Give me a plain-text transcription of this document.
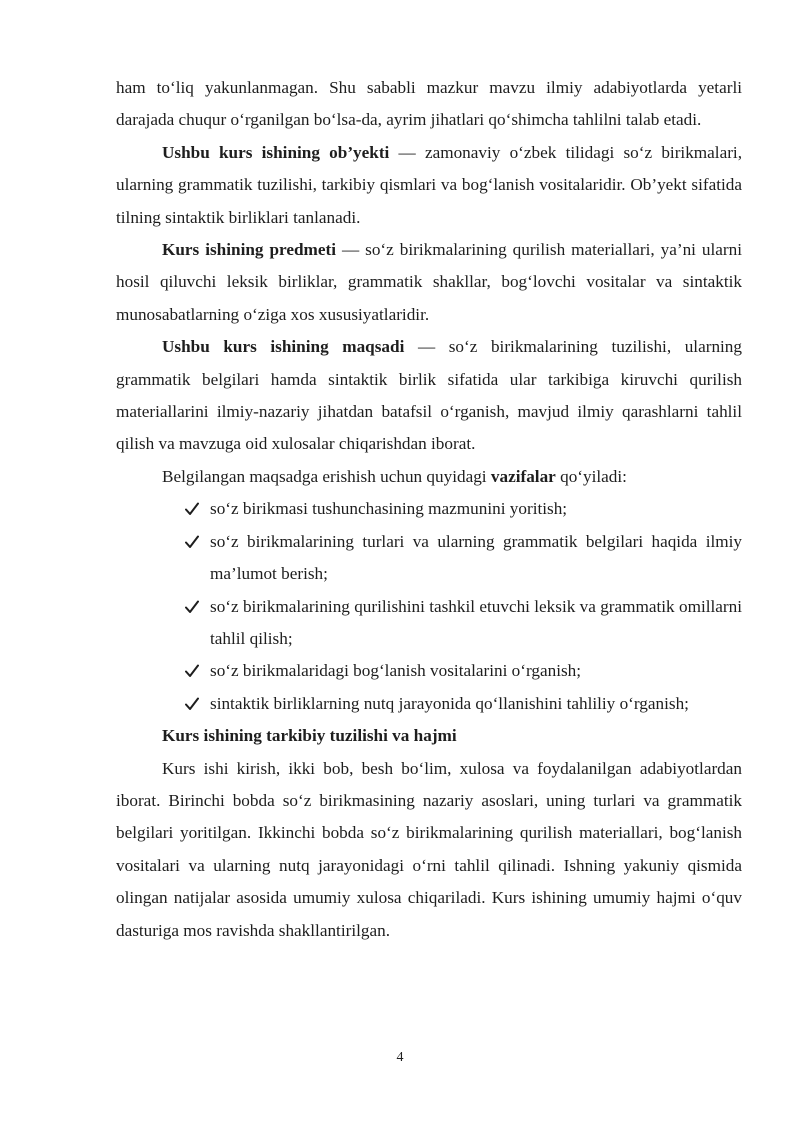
ham to‘liq yakunlanmagan. Shu sababli mazkur mavzu ilmiy adabiyotlarda yetarli darajada chuqur o‘rganilgan bo‘lsa-da, ayrim jihatlari qo‘shimcha tahlilni talab etadi.

Ushbu kurs ishining ob’yekti — zamonaviy o‘zbek tilidagi so‘z birikmalari, ularning grammatik tuzilishi, tarkibiy qismlari va bog‘lanish vositalaridir. Ob’yekt sifatida tilning sintaktik birliklari tanlanadi.

Kurs ishining predmeti — so‘z birikmalarining qurilish materiallari, ya’ni ularni hosil qiluvchi leksik birliklar, grammatik shakllar, bog‘lovchi vositalar va sintaktik munosabatlarning o‘ziga xos xususiyatlaridir.

Ushbu kurs ishining maqsadi — so‘z birikmalarining tuzilishi, ularning grammatik belgilari hamda sintaktik birlik sifatida ular tarkibiga kiruvchi qurilish materiallarini ilmiy-nazariy jihatdan batafsil o‘rganish, mavjud ilmiy qarashlarni tahlil qilish va mavzuga oid xulosalar chiqarishdan iborat.

Belgilangan maqsadga erishish uchun quyidagi vazifalar qo‘yiladi:

so‘z birikmasi tushunchasining mazmunini yoritish;
so‘z birikmalarining turlari va ularning grammatik belgilari haqida ilmiy ma’lumot berish;
so‘z birikmalarining qurilishini tashkil etuvchi leksik va grammatik omillarni tahlil qilish;
so‘z birikmalaridagi bog‘lanish vositalarini o‘rganish;
sintaktik birliklarning nutq jarayonida qo‘llanishini tahliliy o‘rganish;

Kurs ishining tarkibiy tuzilishi va hajmi

Kurs ishi kirish, ikki bob, besh bo‘lim, xulosa va foydalanilgan adabiyotlardan iborat. Birinchi bobda so‘z birikmasining nazariy asoslari, uning turlari va grammatik belgilari yoritilgan. Ikkinchi bobda so‘z birikmalarining qurilish materiallari, bog‘lanish vositalari va ularning nutq jarayonidagi o‘rni tahlil qilinadi. Ishning yakuniy qismida olingan natijalar asosida umumiy xulosa chiqariladi. Kurs ishining umumiy hajmi o‘quv dasturiga mos ravishda shakllantirilgan.

4
